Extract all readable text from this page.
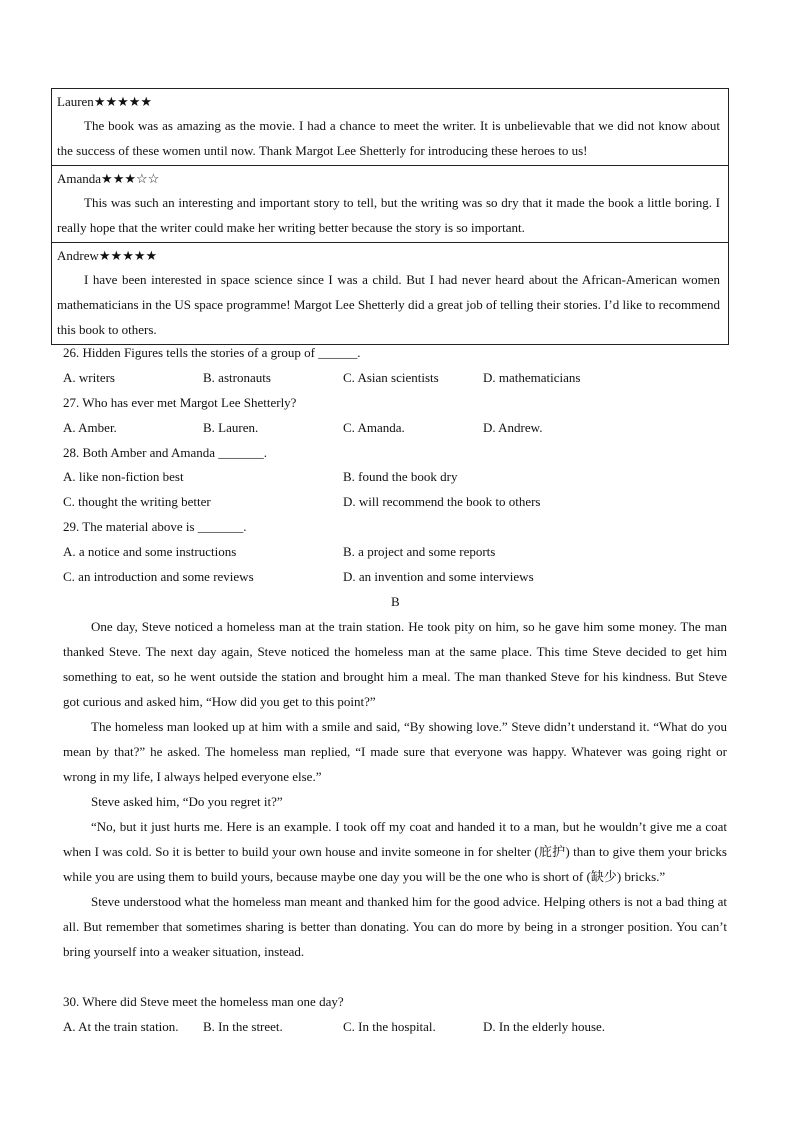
Lauren★★★★★

The book was as amazing as the movie. I had a chance to meet the writer. It is unbelievable that we did not know about the success of these women until now. Thank Margot Lee Shetterly for introducing these heroes to us!

Amanda★★★☆☆

This was such an interesting and important story to tell, but the writing was so dry that it made the book a little boring. I really hope that the writer could make her writing better because the story is so important.

Andrew★★★★★

I have been interested in space science since I was a child. But I had never heard about the African-American women mathematicians in the US space programme! Margot Lee Shetterly did a great job of telling their stories. I’d like to recommend this book to others.

26. Hidden Figures tells the stories of a group of ______.
A. writers	B. astronauts	C. Asian scientists	D. mathematicians
27. Who has ever met Margot Lee Shetterly?
A. Amber.	B. Lauren.	C. Amanda.	D. Andrew.
28. Both Amber and Amanda _______.
A. like non-fiction best	B. found the book dry
C. thought the writing better	D. will recommend the book to others
29. The material above is _______.
A. a notice and some instructions	B. a project and some reports
C. an introduction and some reviews	D. an invention and some interviews
B

One day, Steve noticed a homeless man at the train station. He took pity on him, so he gave him some money. The man thanked Steve. The next day again, Steve noticed the homeless man at the same place. This time Steve decided to get him something to eat, so he went outside the station and brought him a meal. The man thanked Steve for his kindness. But Steve got curious and asked him, “How did you get to this point?”

The homeless man looked up at him with a smile and said, “By showing love.” Steve didn’t understand it. “What do you mean by that?” he asked. The homeless man replied, “I made sure that everyone was happy. Whatever was going right or wrong in my life, I always helped everyone else.”

Steve asked him, “Do you regret it?”

“No, but it just hurts me. Here is an example. I took off my coat and handed it to a man, but he wouldn’t give me a coat when I was cold. So it is better to build your own house and invite someone in for shelter (庇护) than to give them your bricks while you are using them to build yours, because maybe one day you will be the one who is short of (缺少) bricks.”

Steve understood what the homeless man meant and thanked him for the good advice. Helping others is not a bad thing at all. But remember that sometimes sharing is better than donating. You can do more by being in a stronger position. You can’t bring yourself into a weaker situation, instead.

30. Where did Steve meet the homeless man one day?
A. At the train station. B. In the street.	C. In the hospital.	D. In the elderly house.
